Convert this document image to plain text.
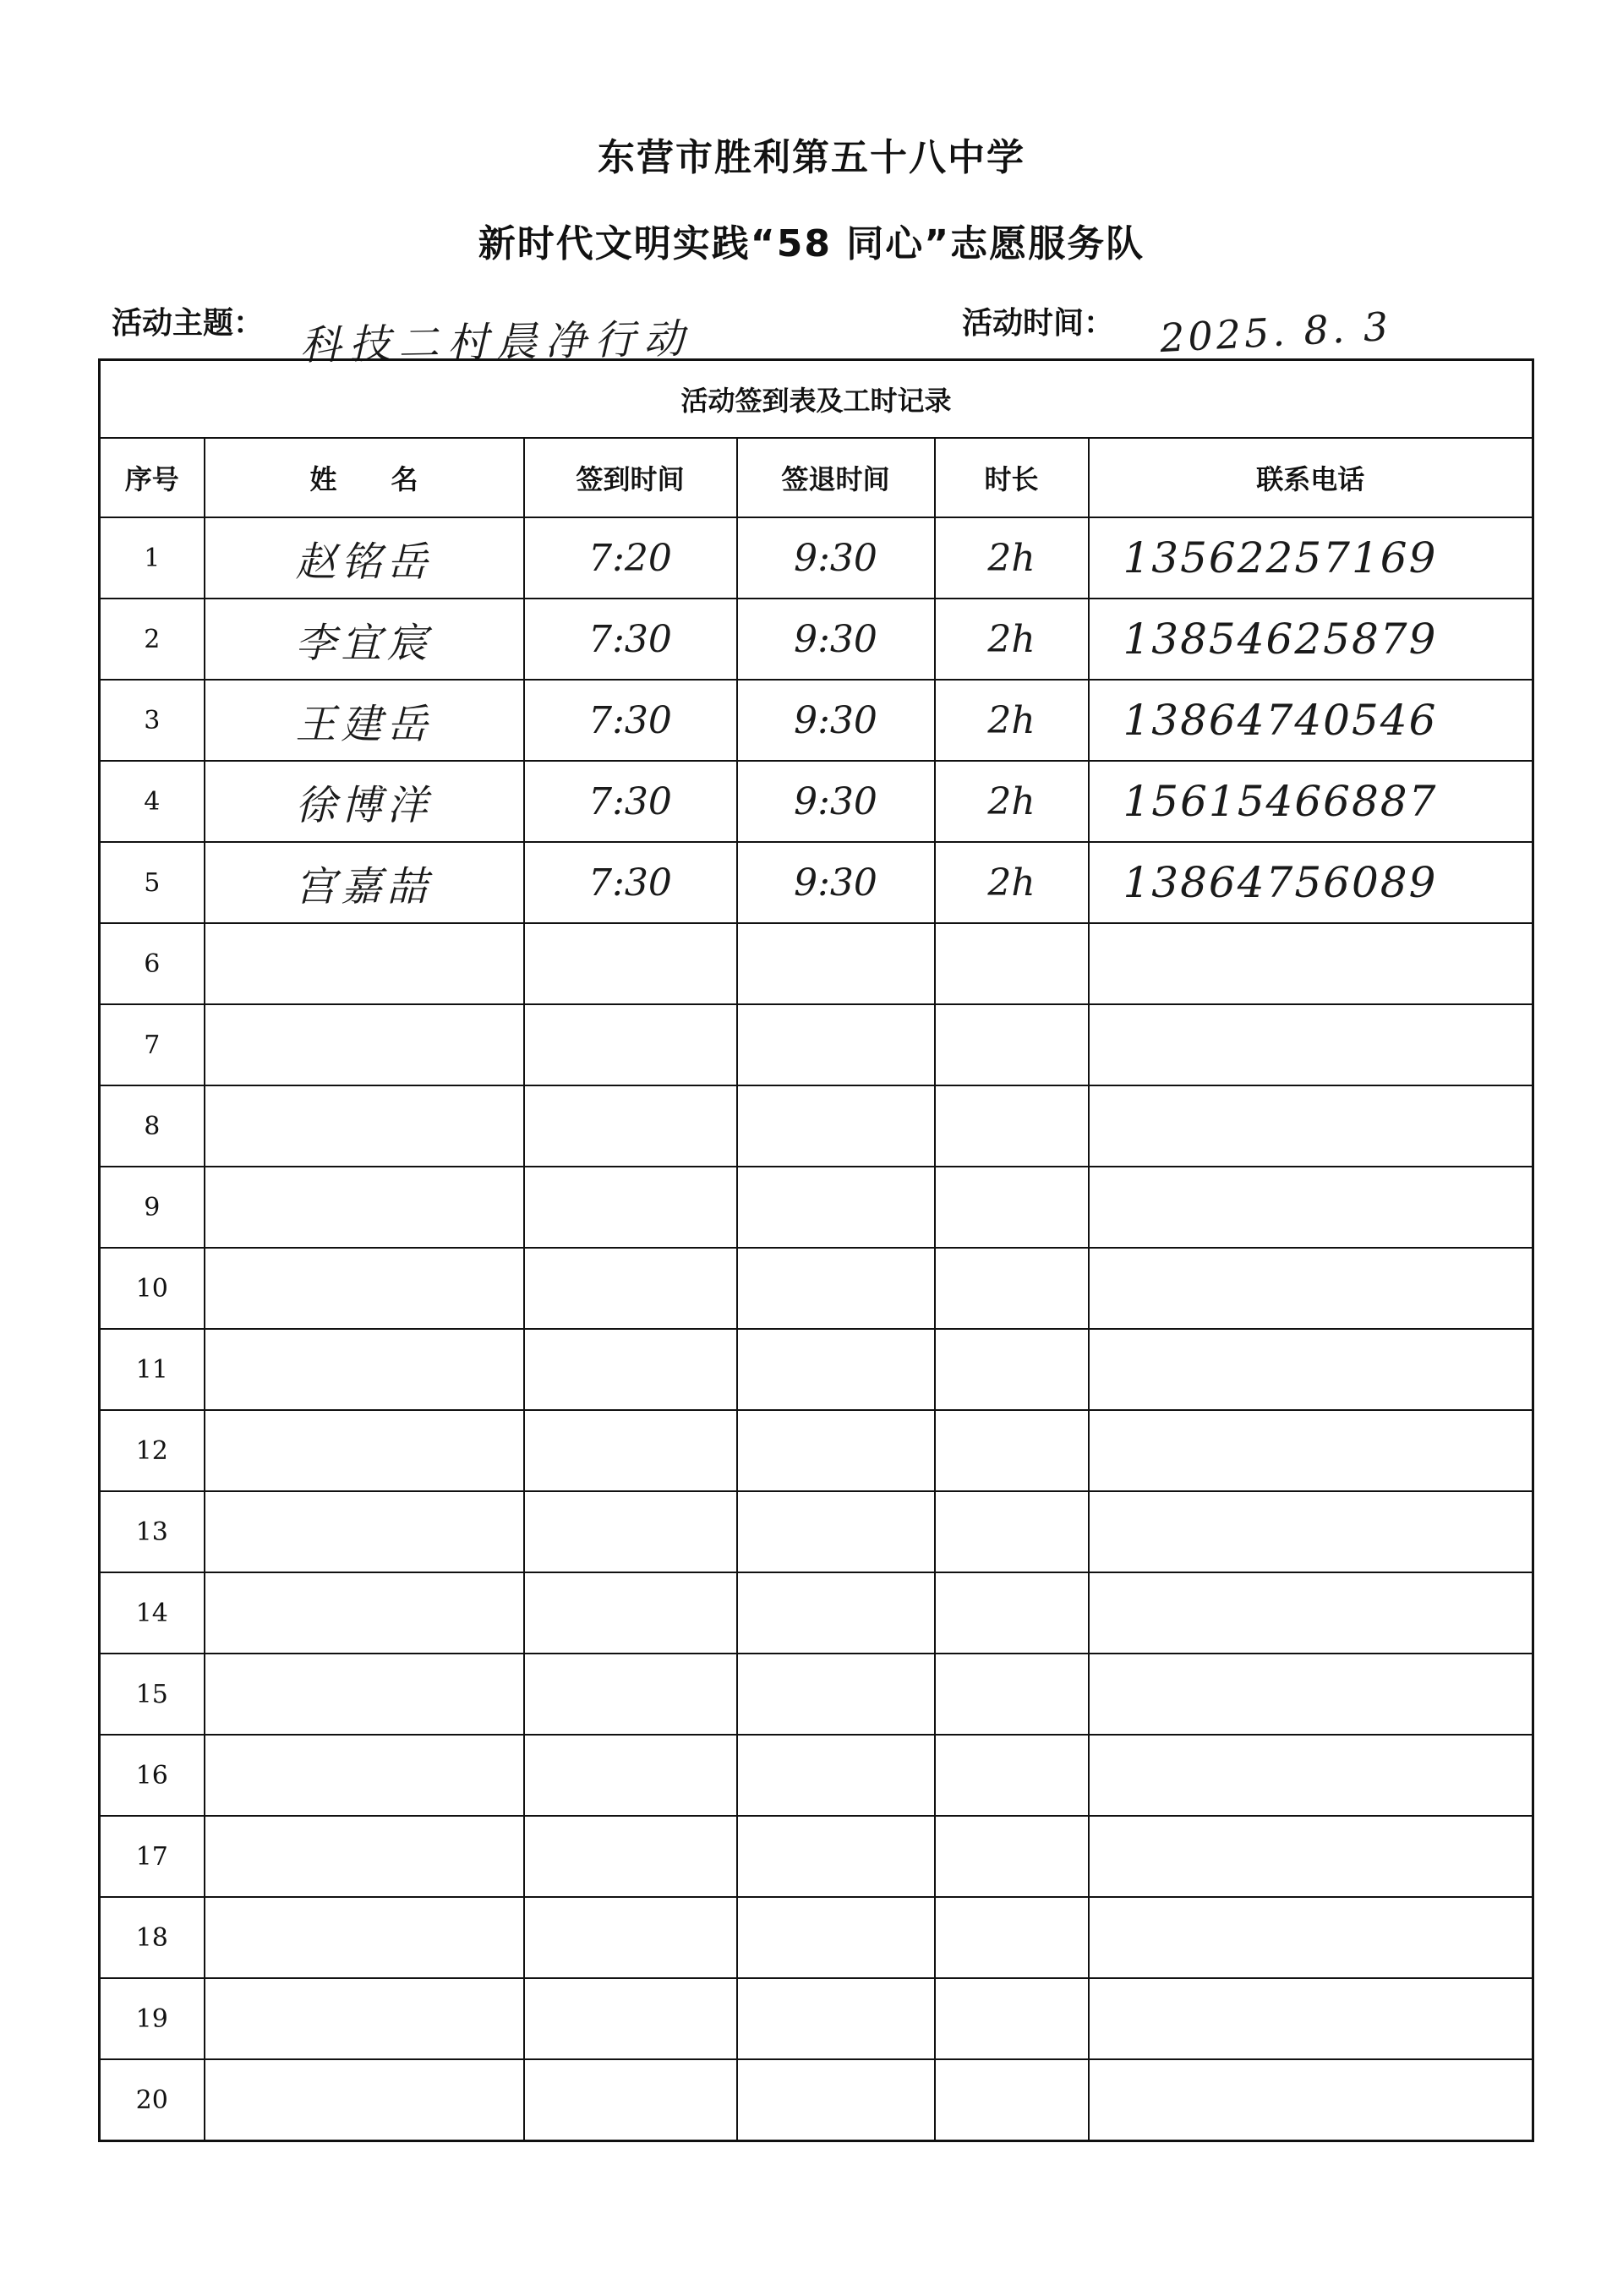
东营市胜利第五十八中学
新时代文明实践“58 同心”志愿服务队
活动主题： 科技二村晨净行动	活动时间： 2025. 8. 3
活动签到表及工时记录					
序号	姓　　名	签到时间	签退时间	时长	联系电话
1	赵铭岳	7:20	9:30	2h	13562257169
2	李宜宸	7:30	9:30	2h	13854625879
3	王建岳	7:30	9:30	2h	13864740546
4	徐博洋	7:30	9:30	2h	15615466887
5	宫嘉喆	7:30	9:30	2h	13864756089
6					
7					
8					
9					
10					
11					
12					
13					
14					
15					
16					
17					
18					
19					
20					
